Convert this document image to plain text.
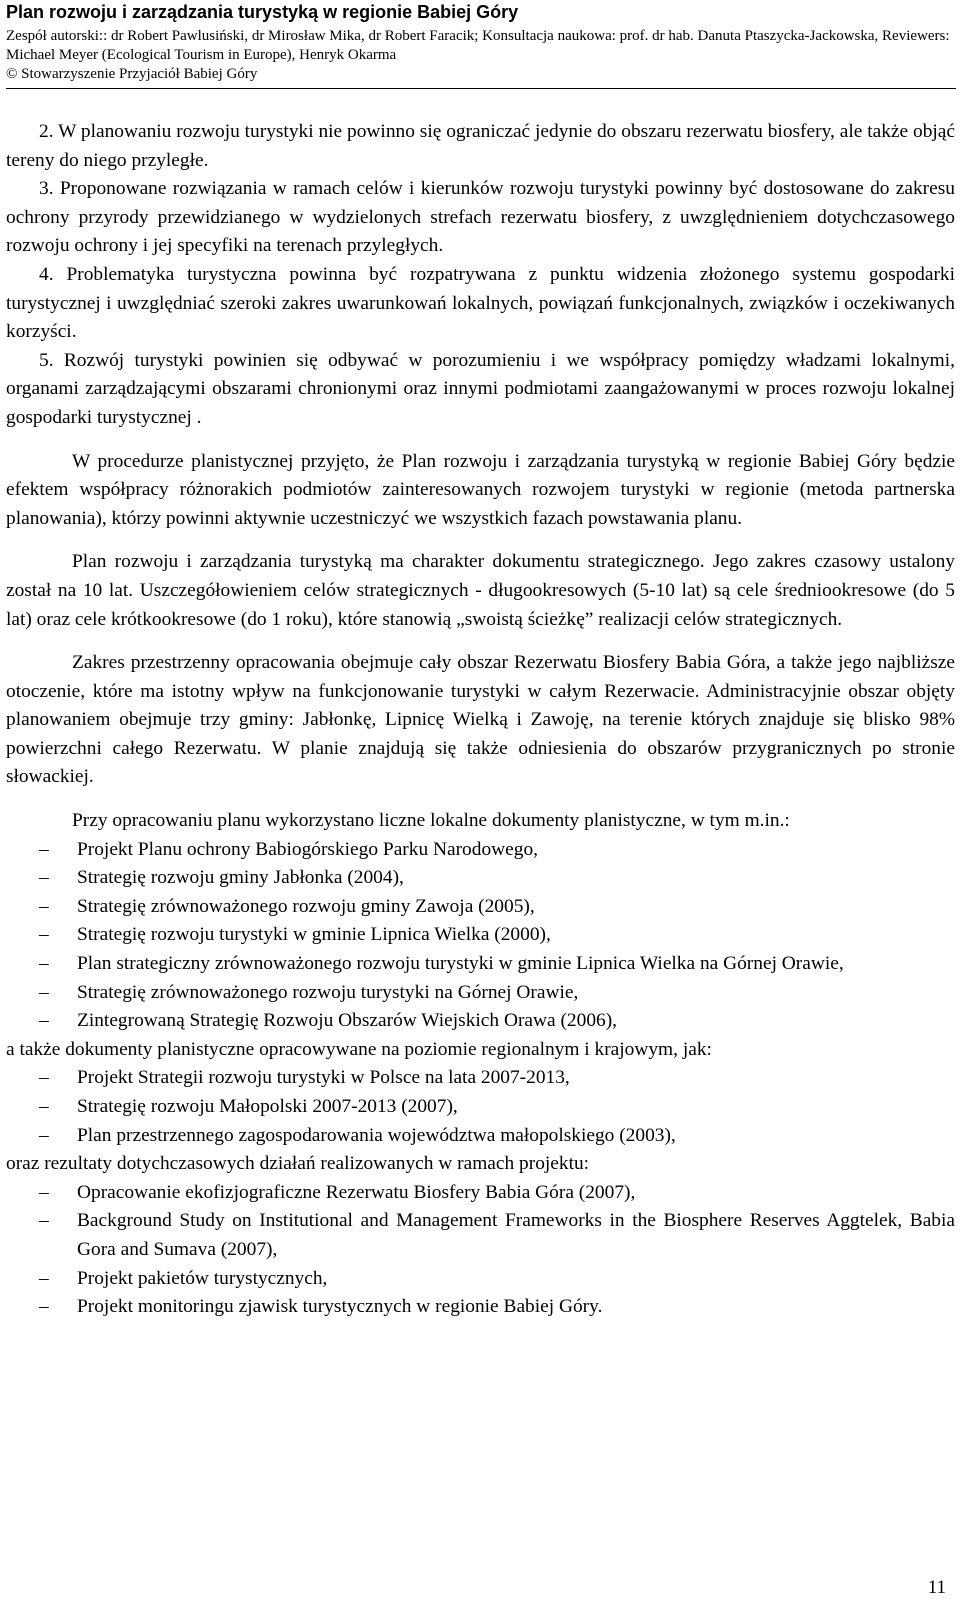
Plan rozwoju i zarządzania turystyką w regionie Babiej Góry
Zespół autorski:: dr Robert Pawlusiński, dr Mirosław Mika, dr Robert Faracik; Konsultacja naukowa: prof. dr hab. Danuta Ptaszycka-Jackowska, Reviewers: Michael Meyer (Ecological Tourism in Europe), Henryk Okarma
© Stowarzyszenie Przyjaciół Babiej Góry

2. W planowaniu rozwoju turystyki nie powinno się ograniczać jedynie do obszaru rezerwatu biosfery, ale także objąć tereny do niego przyległe.

3. Proponowane rozwiązania w ramach celów i kierunków rozwoju turystyki powinny być dostosowane do zakresu ochrony przyrody przewidzianego w wydzielonych strefach rezerwatu biosfery, z uwzględnieniem dotychczasowego rozwoju ochrony i jej specyfiki na terenach przyległych.

4. Problematyka turystyczna powinna być rozpatrywana z punktu widzenia złożonego systemu gospodarki turystycznej i uwzględniać szeroki zakres uwarunkowań lokalnych, powiązań funkcjonalnych, związków i oczekiwanych korzyści.

5. Rozwój turystyki powinien się odbywać w porozumieniu i we współpracy pomiędzy władzami lokalnymi, organami zarządzającymi obszarami chronionymi oraz innymi podmiotami zaangażowanymi w proces rozwoju lokalnej gospodarki turystycznej .

W procedurze planistycznej przyjęto, że Plan rozwoju i zarządzania turystyką w regionie Babiej Góry będzie efektem współpracy różnorakich podmiotów zainteresowanych rozwojem turystyki w regionie (metoda partnerska planowania), którzy powinni aktywnie uczestniczyć we wszystkich fazach powstawania planu.

Plan rozwoju i zarządzania turystyką ma charakter dokumentu strategicznego. Jego zakres czasowy ustalony został na 10 lat. Uszczegółowieniem celów strategicznych - długookresowych (5-10 lat) są cele średniookresowe (do 5 lat) oraz cele krótkookresowe (do 1 roku), które stanowią „swoistą ścieżkę” realizacji celów strategicznych.

Zakres przestrzenny opracowania obejmuje cały obszar Rezerwatu Biosfery Babia Góra, a także jego najbliższe otoczenie, które ma istotny wpływ na funkcjonowanie turystyki w całym Rezerwacie. Administracyjnie obszar objęty planowaniem obejmuje trzy gminy: Jabłonkę, Lipnicę Wielką i Zawoję, na terenie których znajduje się blisko 98% powierzchni całego Rezerwatu. W planie znajdują się także odniesienia do obszarów przygranicznych po stronie słowackiej.

Przy opracowaniu planu wykorzystano liczne lokalne dokumenty planistyczne, w tym m.in.:

– Projekt Planu ochrony Babiogórskiego Parku Narodowego,

– Strategię rozwoju gminy Jabłonka (2004),

– Strategię zrównoważonego rozwoju gminy Zawoja (2005),

– Strategię rozwoju turystyki w gminie Lipnica Wielka (2000),

– Plan strategiczny zrównoważonego rozwoju turystyki w gminie Lipnica Wielka na Górnej Orawie,

– Strategię zrównoważonego rozwoju turystyki na Górnej Orawie,

– Zintegrowaną Strategię Rozwoju Obszarów Wiejskich Orawa (2006),

a także dokumenty planistyczne opracowywane na poziomie regionalnym i krajowym, jak:

– Projekt Strategii rozwoju turystyki w Polsce na lata 2007-2013,

– Strategię rozwoju Małopolski 2007-2013 (2007),

– Plan przestrzennego zagospodarowania województwa małopolskiego (2003),

oraz rezultaty dotychczasowych działań realizowanych w ramach projektu:

– Opracowanie ekofizjograficzne Rezerwatu Biosfery Babia Góra (2007),

– Background Study on Institutional and Management Frameworks in the Biosphere Reserves Aggtelek, Babia Gora and Sumava (2007),

– Projekt pakietów turystycznych,

– Projekt monitoringu zjawisk turystycznych w regionie Babiej Góry.

11
